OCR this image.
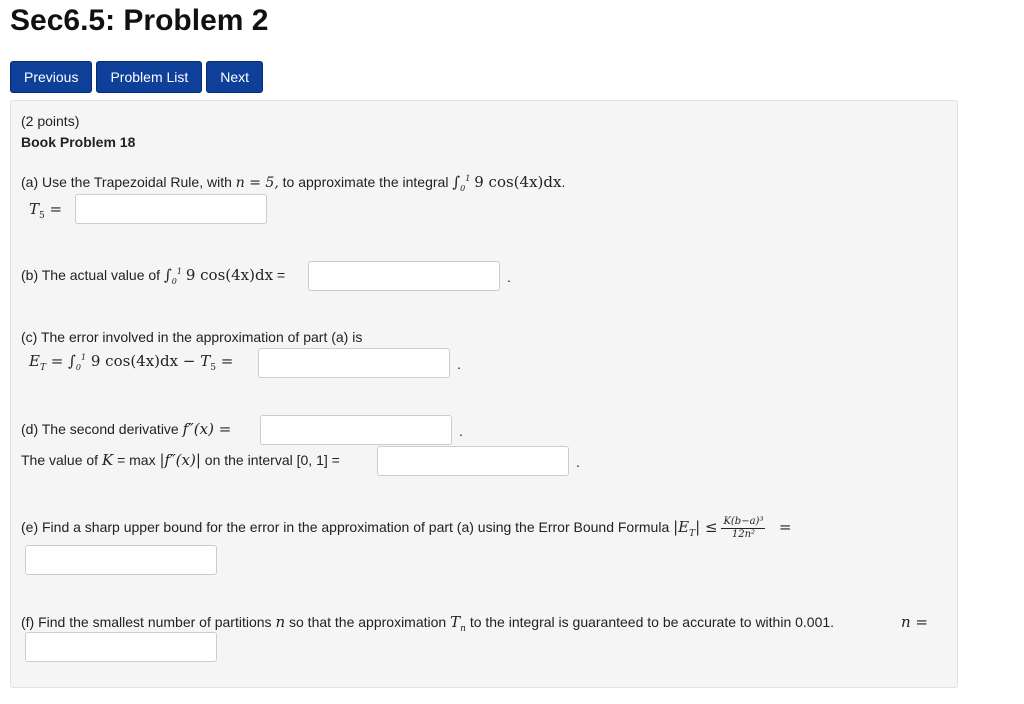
Sec6.5: Problem 2
Previous	Problem List	Next
(2 points)
Book Problem 18
(a) Use the Trapezoidal Rule, with n = 5, to approximate the integral $\int_0^1$ 9 cos(4x)dx.
$T_5$ =
(b) The actual value of $\int_0^1$ 9 cos(4x)dx =	.
(c) The error involved in the approximation of part (a) is
$E_T = \int_0^1$ 9 $\cos(4x)dx - T_5$ =	.
(d) The second derivative f″(x) =	.
The value of K = max |f″(x)| on the interval [0, 1] =	.
(e) Find a sharp upper bound for the error in the approximation of part (a) using the Error Bound Formula $|E_T| \le \frac{\text{K(b−a)³}}{\text{12n²}}$ =
(f) Find the smallest number of partitions n so that the approximation $T_n$ to the integral is guaranteed to be accurate to within 0.001.	n =
